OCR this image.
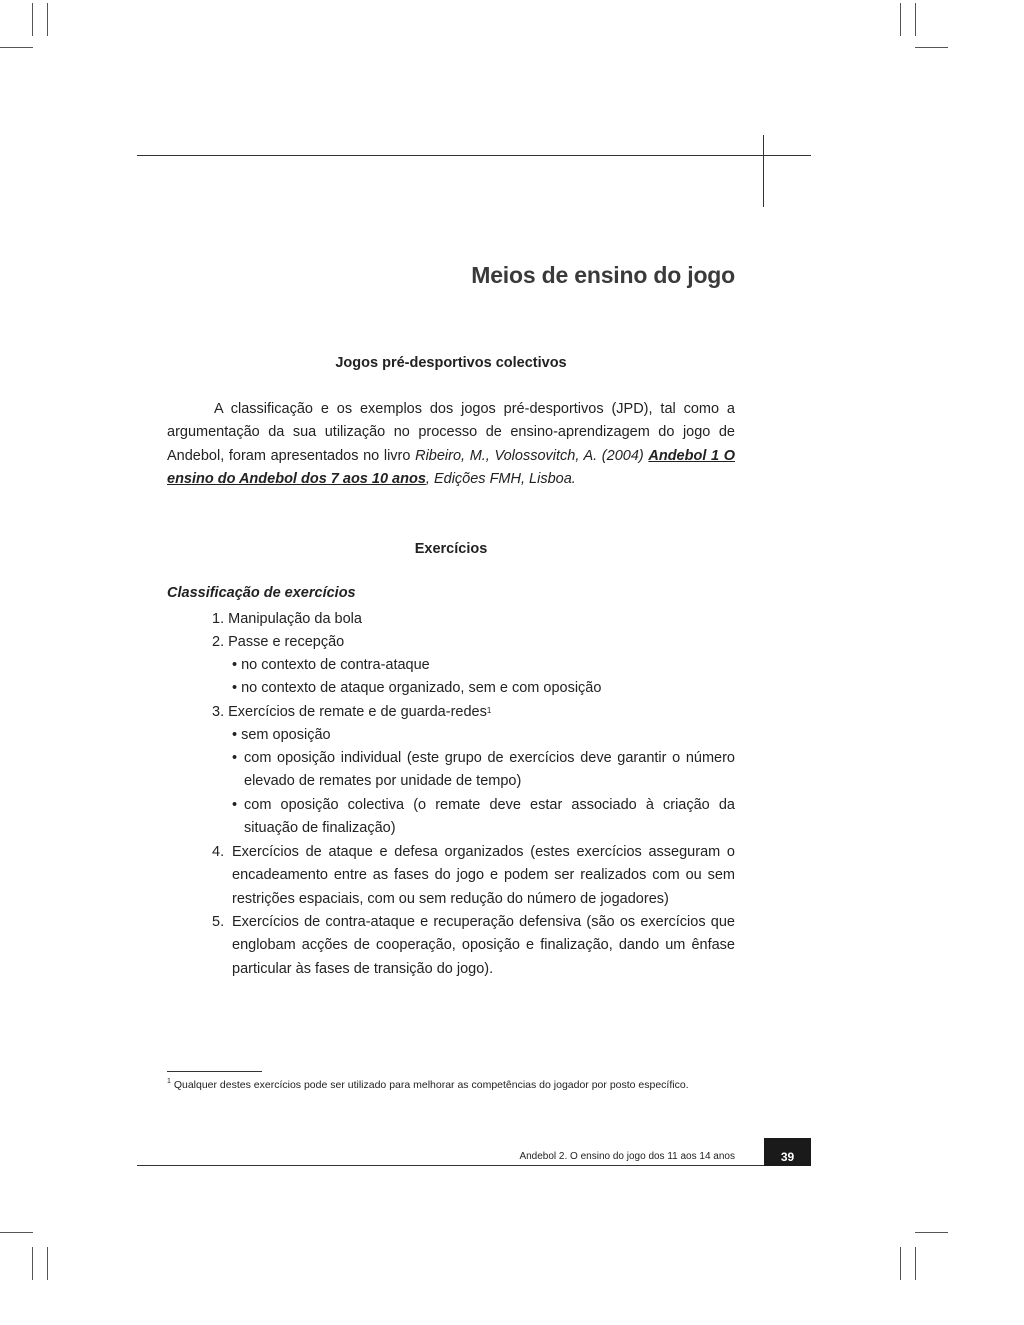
Meios de ensino do jogo
Jogos pré-desportivos colectivos

A classificação e os exemplos dos jogos pré-desportivos (JPD), tal como a argumentação da sua utilização no processo de ensino-aprendizagem do jogo de Andebol, foram apresentados no livro Ribeiro, M., Volossovitch, A. (2004) Andebol 1 O ensino do Andebol dos 7 aos 10 anos, Edições FMH, Lisboa.

Exercícios
Classificação de exercícios
1. Manipulação da bola
2. Passe e recepção
• no contexto de contra-ataque
• no contexto de ataque organizado, sem e com oposição
3. Exercícios de remate e de guarda-redes$^1$
• sem oposição
• com oposição individual (este grupo de exercícios deve garantir o número elevado de remates por unidade de tempo)
• com oposição colectiva (o remate deve estar associado à criação da situação de finalização)
4. Exercícios de ataque e defesa organizados (estes exercícios asseguram o encadeamento entre as fases do jogo e podem ser realizados com ou sem restrições espaciais, com ou sem redução do número de jogadores)
5. Exercícios de contra-ataque e recuperação defensiva (são os exercícios que englobam acções de cooperação, oposição e finalização, dando um ênfase particular às fases de transição do jogo).
$^1$ Qualquer destes exercícios pode ser utilizado para melhorar as competências do jogador por posto específico.
Andebol 2. O ensino do jogo dos 11 aos 14 anos	39
